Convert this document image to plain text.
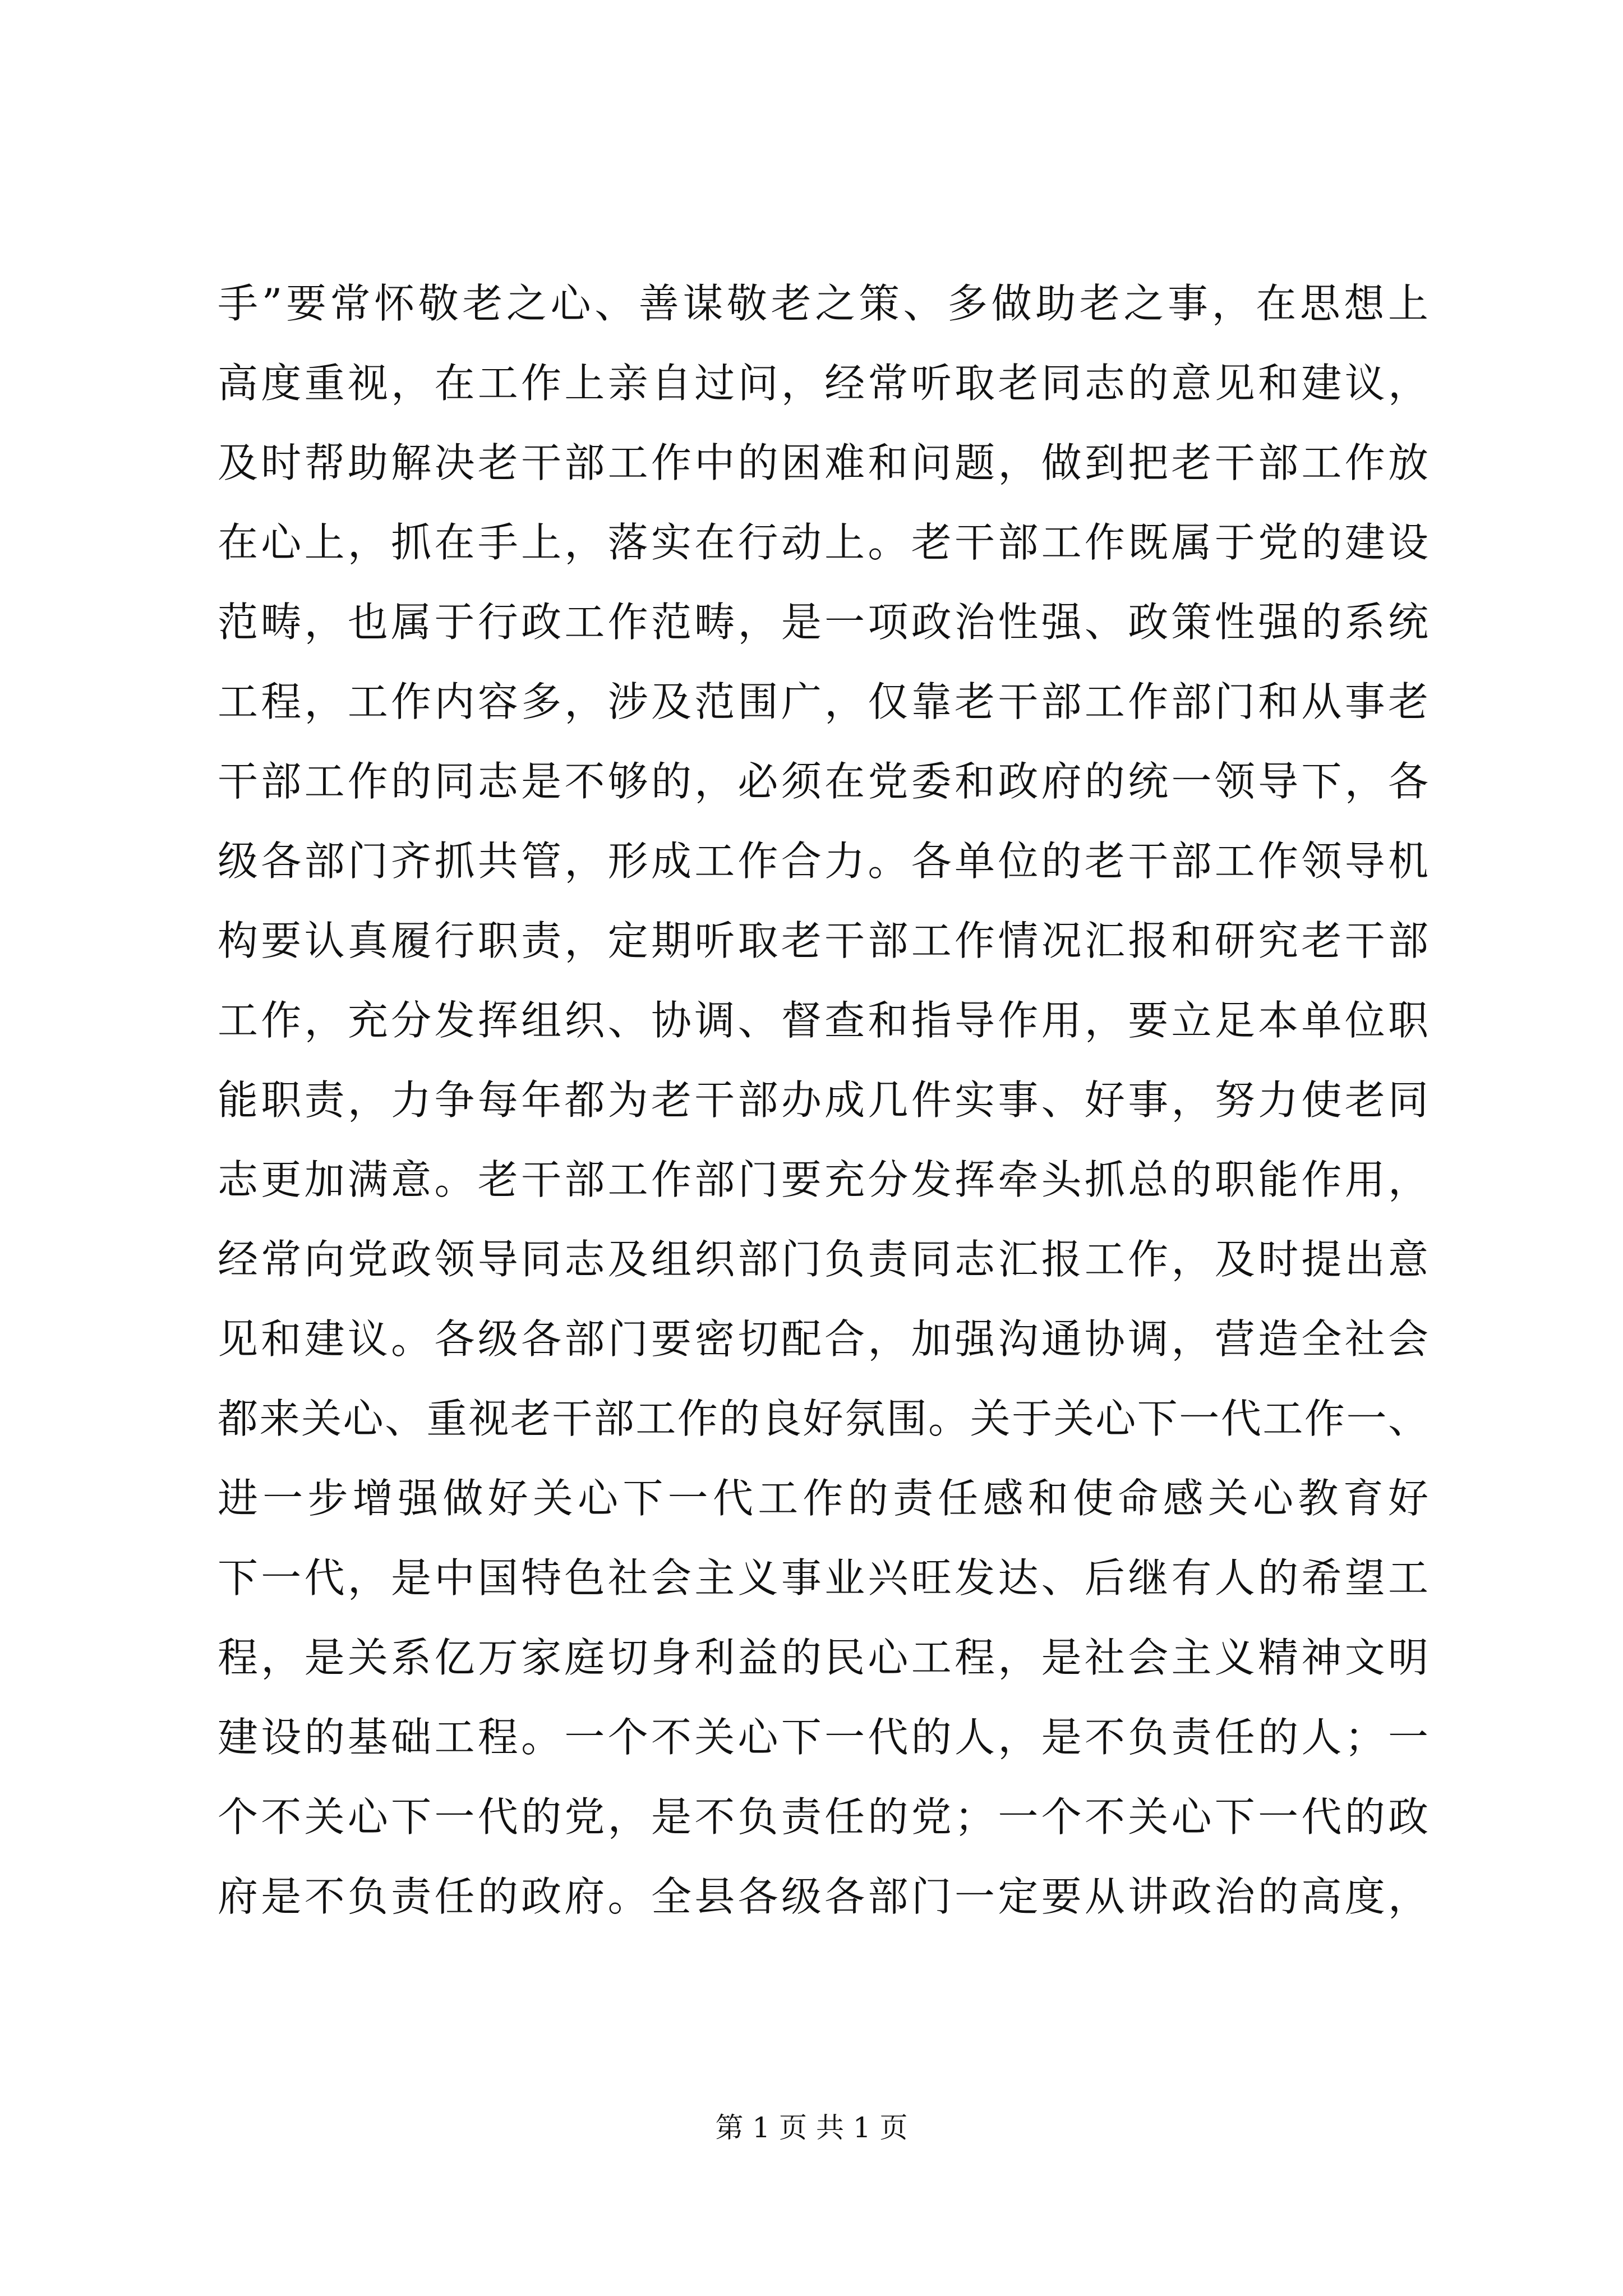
手”要常怀敬老之心、善谋敬老之策、多做助老之事，在思想上
高度重视，在工作上亲自过问，经常听取老同志的意见和建议，
及时帮助解决老干部工作中的困难和问题，做到把老干部工作放
在心上，抓在手上，落实在行动上。老干部工作既属于党的建设
范畴，也属于行政工作范畴，是一项政治性强、政策性强的系统
工程，工作内容多，涉及范围广，仅靠老干部工作部门和从事老
干部工作的同志是不够的，必须在党委和政府的统一领导下，各
级各部门齐抓共管，形成工作合力。各单位的老干部工作领导机
构要认真履行职责，定期听取老干部工作情况汇报和研究老干部
工作，充分发挥组织、协调、督查和指导作用，要立足本单位职
能职责，力争每年都为老干部办成几件实事、好事，努力使老同
志更加满意。老干部工作部门要充分发挥牵头抓总的职能作用，
经常向党政领导同志及组织部门负责同志汇报工作，及时提出意
见和建议。各级各部门要密切配合，加强沟通协调，营造全社会
都来关心、重视老干部工作的良好氛围。关于关心下一代工作一、
进一步增强做好关心下一代工作的责任感和使命感关心教育好
下一代，是中国特色社会主义事业兴旺发达、后继有人的希望工
程，是关系亿万家庭切身利益的民心工程，是社会主义精神文明
建设的基础工程。一个不关心下一代的人，是不负责任的人；一
个不关心下一代的党，是不负责任的党；一个不关心下一代的政
府是不负责任的政府。全县各级各部门一定要从讲政治的高度，
第 1 页 共 1 页
